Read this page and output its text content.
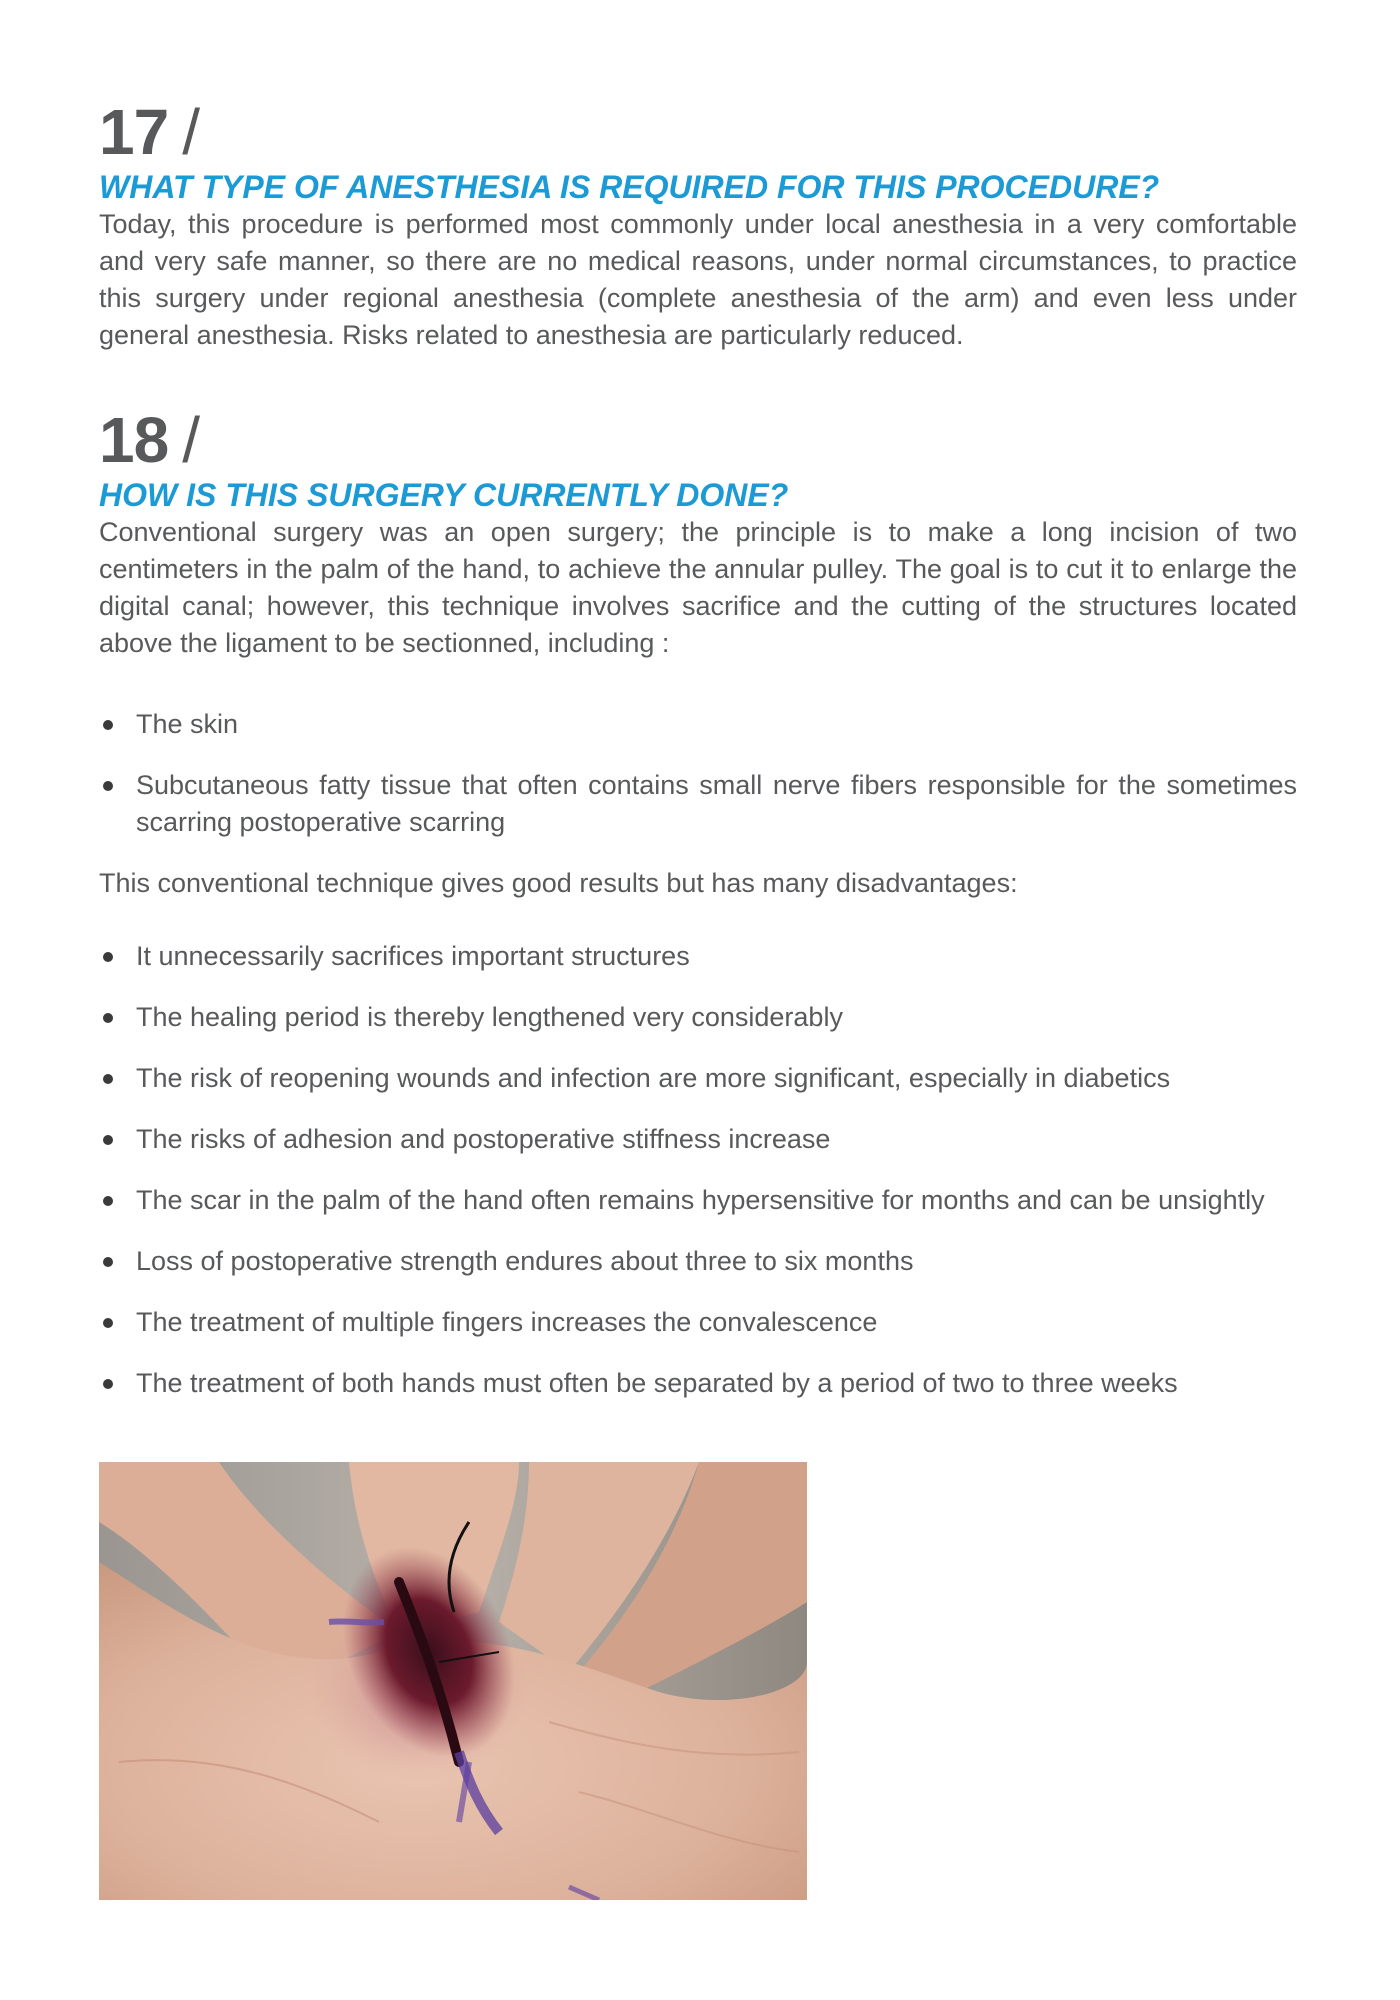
17 /
WHAT TYPE OF ANESTHESIA IS REQUIRED FOR THIS PROCEDURE?

Today, this procedure is performed most commonly under local anesthesia in a very comfortable and very safe manner, so there are no medical reasons, under normal circumstances, to practice this surgery under regional anesthesia (complete anesthesia of the arm) and even less under general anesthesia. Risks related to anesthesia are particularly reduced.

18 /
HOW IS THIS SURGERY CURRENTLY DONE?

Conventional surgery was an open surgery; the principle is to make a long incision of two centimeters in the palm of the hand, to achieve the annular pulley. The goal is to cut it to enlarge the digital canal; however, this technique involves sacrifice and the cutting of the structures located above the ligament to be sectionned, including :

The skin
Subcutaneous fatty tissue that often contains small nerve fibers responsible for the sometimes scarring postoperative scarring

This conventional technique gives good results but has many disadvantages:

It unnecessarily sacrifices important structures
The healing period is thereby lengthened very considerably
The risk of reopening wounds and infection are more significant, especially in diabetics
The risks of adhesion and postoperative stiffness increase
The scar in the palm of the hand often remains hypersensitive for months and can be unsightly
Loss of postoperative strength endures about three to six months
The treatment of multiple fingers increases the convalescence
The treatment of both hands must often be separated by a period of two to three weeks
